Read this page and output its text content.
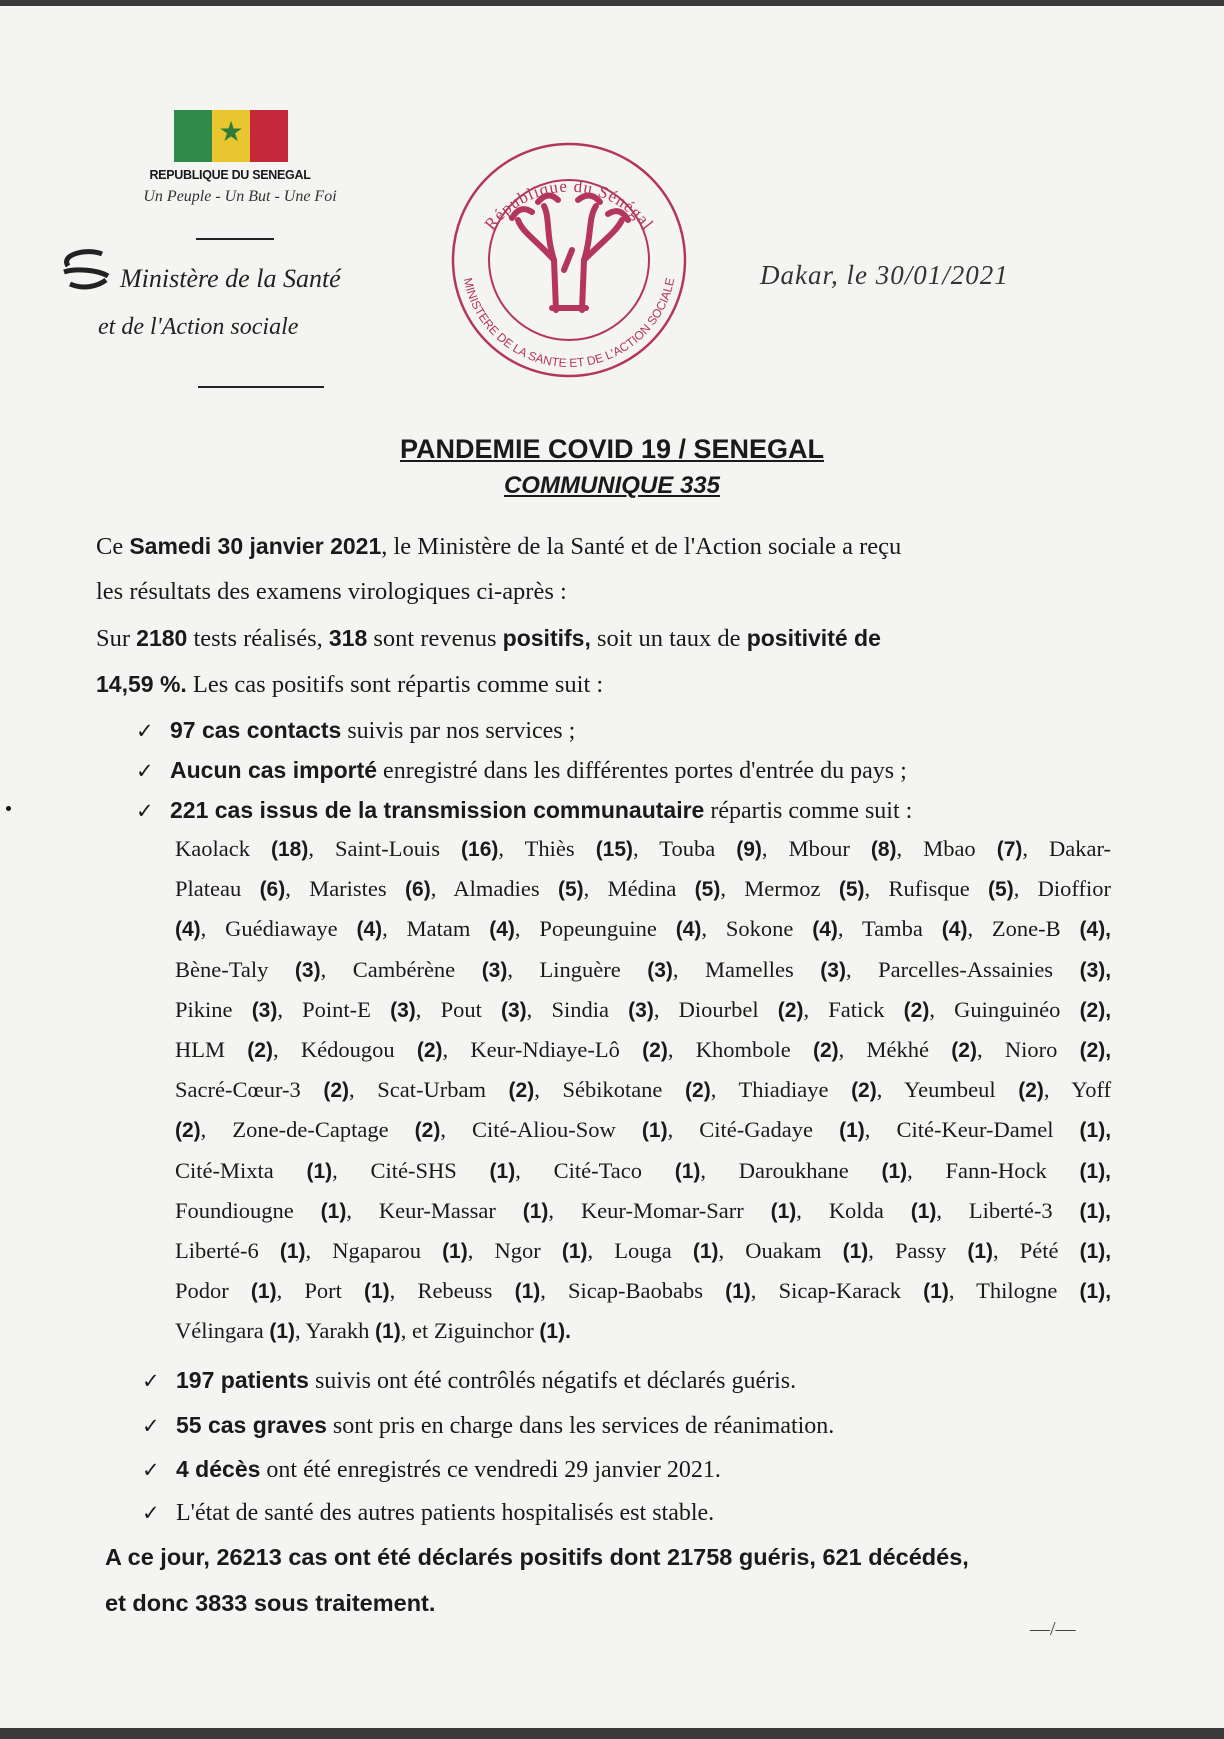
★
REPUBLIQUE DU SENEGAL
Un Peuple - Un But - Une Foi
Ministère de la Santé
et de l'Action sociale
République du Sénégal
MINISTERE DE LA SANTE ET DE L'ACTION SOCIALE	Dakar, le 30/01/2021
PANDEMIE COVID 19 / SENEGAL
COMMUNIQUE 335
Ce Samedi 30 janvier 2021, le Ministère de la Santé et de l'Action sociale a reçu
les résultats des examens virologiques ci-après :
Sur 2180 tests réalisés, 318 sont revenus positifs, soit un taux de positivité de
14,59 %. Les cas positifs sont répartis comme suit :
✓ 97 cas contacts suivis par nos services ;
✓ Aucun cas importé enregistré dans les différentes portes d'entrée du pays ;
✓ 221 cas issus de la transmission communautaire répartis comme suit :
Kaolack (18), Saint-Louis (16), Thiès (15), Touba (9), Mbour (8), Mbao (7), Dakar-
Plateau (6), Maristes (6), Almadies (5), Médina (5), Mermoz (5), Rufisque (5), Dioffior
(4), Guédiawaye (4), Matam (4), Popeunguine (4), Sokone (4), Tamba (4), Zone-B (4),
Bène-Taly (3), Cambérène (3), Linguère (3), Mamelles (3), Parcelles-Assainies (3),
Pikine (3), Point-E (3), Pout (3), Sindia (3), Diourbel (2), Fatick (2), Guinguinéo (2),
HLM (2), Kédougou (2), Keur-Ndiaye-Lô (2), Khombole (2), Mékhé (2), Nioro (2),
Sacré-Cœur-3 (2), Scat-Urbam (2), Sébikotane (2), Thiadiaye (2), Yeumbeul (2), Yoff
(2), Zone-de-Captage (2), Cité-Aliou-Sow (1), Cité-Gadaye (1), Cité-Keur-Damel (1),
Cité-Mixta (1), Cité-SHS (1), Cité-Taco (1), Daroukhane (1), Fann-Hock (1),
Foundiougne (1), Keur-Massar (1), Keur-Momar-Sarr (1), Kolda (1), Liberté-3 (1),
Liberté-6 (1), Ngaparou (1), Ngor (1), Louga (1), Ouakam (1), Passy (1), Pété (1),
Podor (1), Port (1), Rebeuss (1), Sicap-Baobabs (1), Sicap-Karack (1), Thilogne (1),
Vélingara (1), Yarakh (1), et Ziguinchor (1).
✓ 197 patients suivis ont été contrôlés négatifs et déclarés guéris.
✓ 55 cas graves sont pris en charge dans les services de réanimation.
✓ 4 décès ont été enregistrés ce vendredi 29 janvier 2021.
✓ L'état de santé des autres patients hospitalisés est stable.
A ce jour, 26213 cas ont été déclarés positifs dont 21758 guéris, 621 décédés,
et donc 3833 sous traitement.
—/—
